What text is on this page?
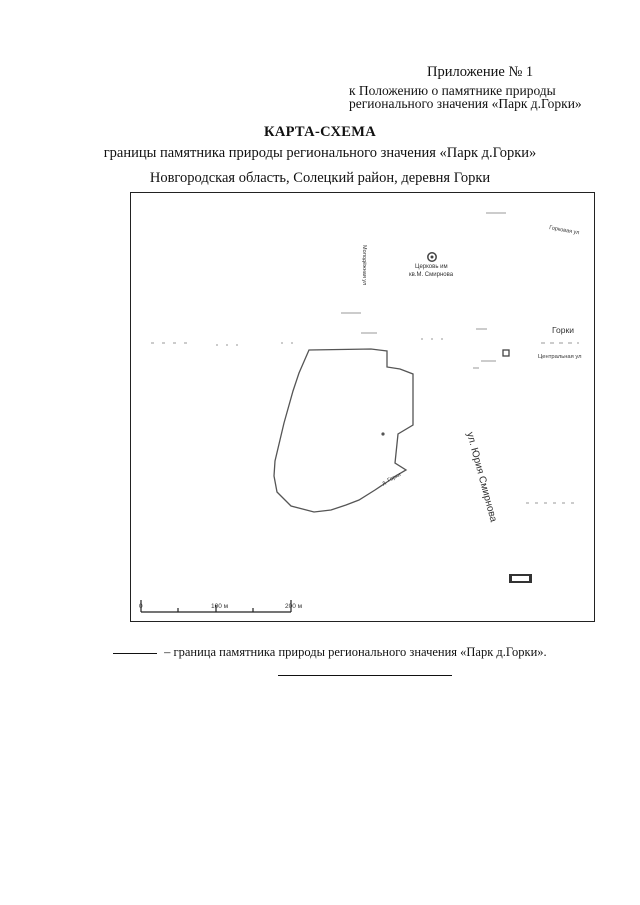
Приложение № 1
к Положению о памятнике природы
регионального значения «Парк д.Горки»
КАРТА-СХЕМА
границы памятника природы регионального значения «Парк д.Горки»
Новгородская область, Солецкий район, деревня Горки
Церковь им
кв.М. Смирнова
Горки
Центральная ул
Горковая ул
ул. Юрия Смирнова
Молодёжная ул
д. Горки
0	100 м	200 м
– граница памятника природы регионального значения «Парк д.Горки».
